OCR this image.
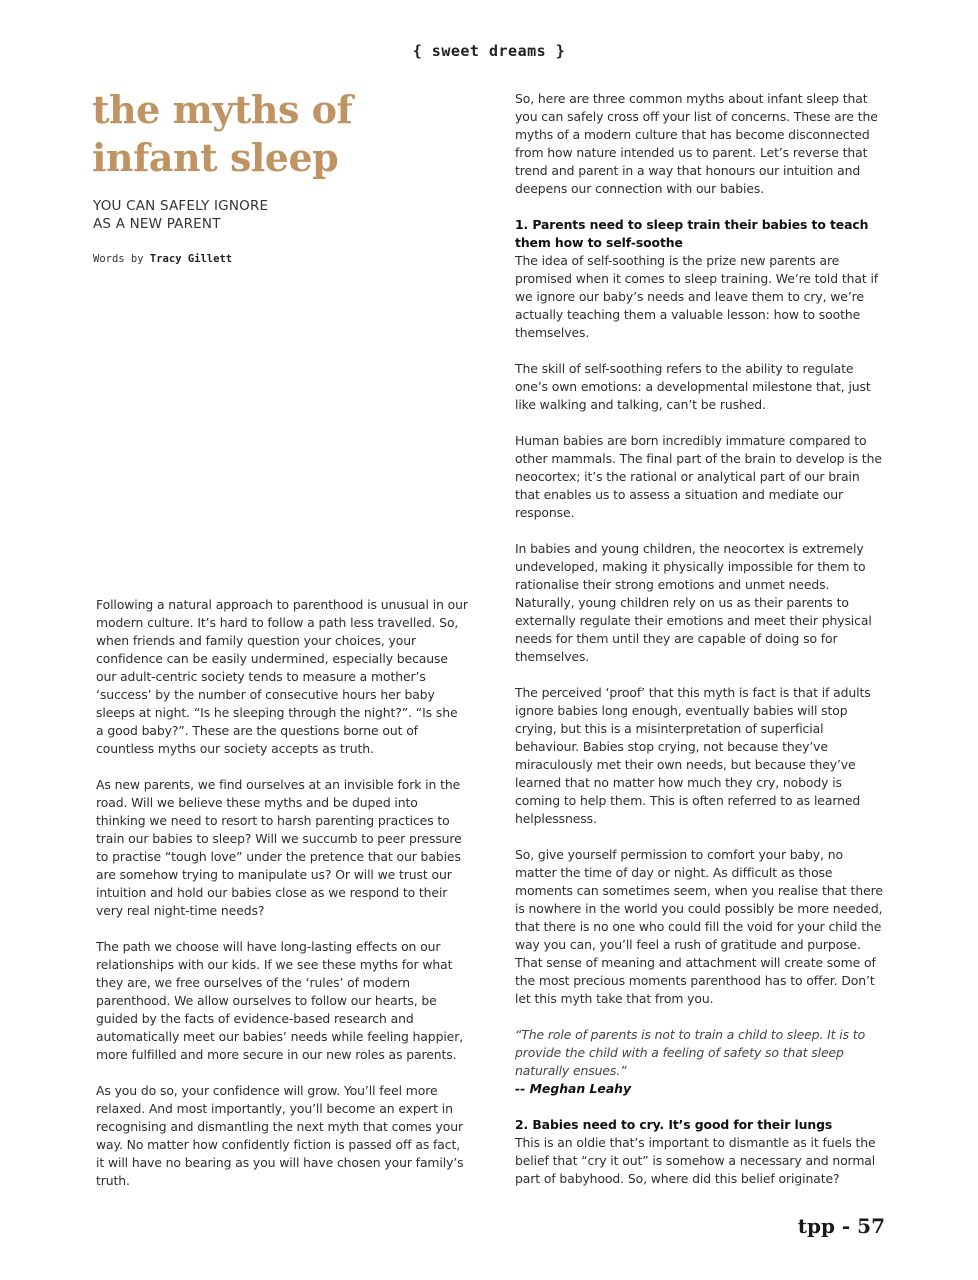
{ sweet dreams }
the myths of
infant sleep
YOU CAN SAFELY IGNORE
AS A NEW PARENT
Words by Tracy Gillett

Following a natural approach to parenthood is unusual in our modern culture. It’s hard to follow a path less travelled. So, when friends and family question your choices, your confidence can be easily undermined, especially because our adult-centric society tends to measure a mother’s ‘success’ by the number of consecutive hours her baby sleeps at night. “Is he sleeping through the night?”. “Is she a good baby?”. These are the questions borne out of countless myths our society accepts as truth.

As new parents, we find ourselves at an invisible fork in the road. Will we believe these myths and be duped into thinking we need to resort to harsh parenting practices to train our babies to sleep? Will we succumb to peer pressure to practise “tough love” under the pretence that our babies are somehow trying to manipulate us? Or will we trust our intuition and hold our babies close as we respond to their very real night-time needs?

The path we choose will have long-lasting effects on our relationships with our kids. If we see these myths for what they are, we free ourselves of the ‘rules’ of modern parenthood. We allow ourselves to follow our hearts, be guided by the facts of evidence-based research and automatically meet our babies’ needs while feeling happier, more fulfilled and more secure in our new roles as parents.

As you do so, your confidence will grow. You’ll feel more relaxed. And most importantly, you’ll become an expert in recognising and dismantling the next myth that comes your way. No matter how confidently fiction is passed off as fact, it will have no bearing as you will have chosen your family’s truth.

So, here are three common myths about infant sleep that you can safely cross off your list of concerns. These are the myths of a modern culture that has become disconnected from how nature intended us to parent. Let’s reverse that trend and parent in a way that honours our intuition and deepens our connection with our babies.

1. Parents need to sleep train their babies to teach them how to self-soothe

The idea of self-soothing is the prize new parents are promised when it comes to sleep training. We’re told that if we ignore our baby’s needs and leave them to cry, we’re actually teaching them a valuable lesson: how to soothe themselves.

The skill of self-soothing refers to the ability to regulate one’s own emotions: a developmental milestone that, just like walking and talking, can’t be rushed.

Human babies are born incredibly immature compared to other mammals. The final part of the brain to develop is the neocortex; it’s the rational or analytical part of our brain that enables us to assess a situation and mediate our response.

In babies and young children, the neocortex is extremely undeveloped, making it physically impossible for them to rationalise their strong emotions and unmet needs. Naturally, young children rely on us as their parents to externally regulate their emotions and meet their physical needs for them until they are capable of doing so for themselves.

The perceived ‘proof’ that this myth is fact is that if adults ignore babies long enough, eventually babies will stop crying, but this is a misinterpretation of superficial behaviour. Babies stop crying, not because they’ve miraculously met their own needs, but because they’ve learned that no matter how much they cry, nobody is coming to help them. This is often referred to as learned helplessness.

So, give yourself permission to comfort your baby, no matter the time of day or night. As difficult as those moments can sometimes seem, when you realise that there is nowhere in the world you could possibly be more needed, that there is no one who could fill the void for your child the way you can, you’ll feel a rush of gratitude and purpose. That sense of meaning and attachment will create some of the most precious moments parenthood has to offer. Don’t let this myth take that from you.

“The role of parents is not to train a child to sleep. It is to provide the child with a feeling of safety so that sleep naturally ensues.”
-- Meghan Leahy
2. Babies need to cry. It’s good for their lungs

This is an oldie that’s important to dismantle as it fuels the belief that “cry it out” is somehow a necessary and normal part of babyhood. So, where did this belief originate?

tpp - 57
